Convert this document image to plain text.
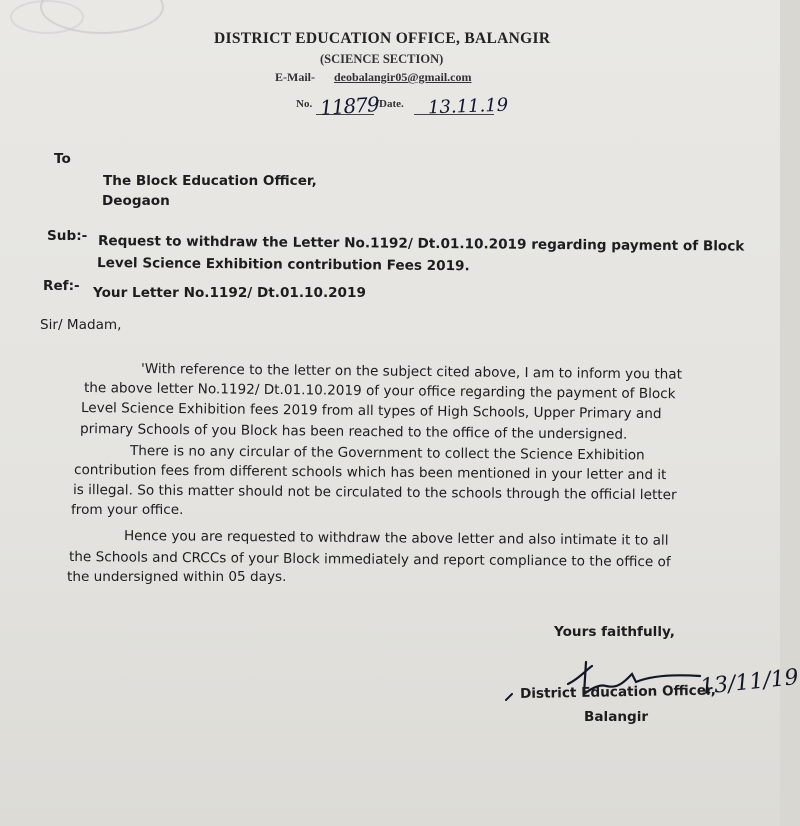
DISTRICT EDUCATION OFFICE, BALANGIR
(SCIENCE SECTION)
E-Mail- deobalangir05@gmail.com
No. 11879
/Date. 13.11.19
To
The Block Education Officer,
Deogaon
Sub:- Request to withdraw the Letter No.1192/ Dt.01.10.2019 regarding payment of Block
Level Science Exhibition contribution Fees 2019.
Ref:- Your Letter No.1192/ Dt.01.10.2019
Sir/ Madam,
'With reference to the letter on the subject cited above, I am to inform you that
the above letter No.1192/ Dt.01.10.2019 of your office regarding the payment of Block
Level Science Exhibition fees 2019 from all types of High Schools, Upper Primary and
primary Schools of you Block has been reached to the office of the undersigned.
There is no any circular of the Government to collect the Science Exhibition
contribution fees from different schools which has been mentioned in your letter and it
is illegal. So this matter should not be circulated to the schools through the official letter
from your office.
Hence you are requested to withdraw the above letter and also intimate it to all
the Schools and CRCCs of your Block immediately and report compliance to the office of
the undersigned within 05 days.
Yours faithfully,
District Education Officer,
Balangir
13/11/19
